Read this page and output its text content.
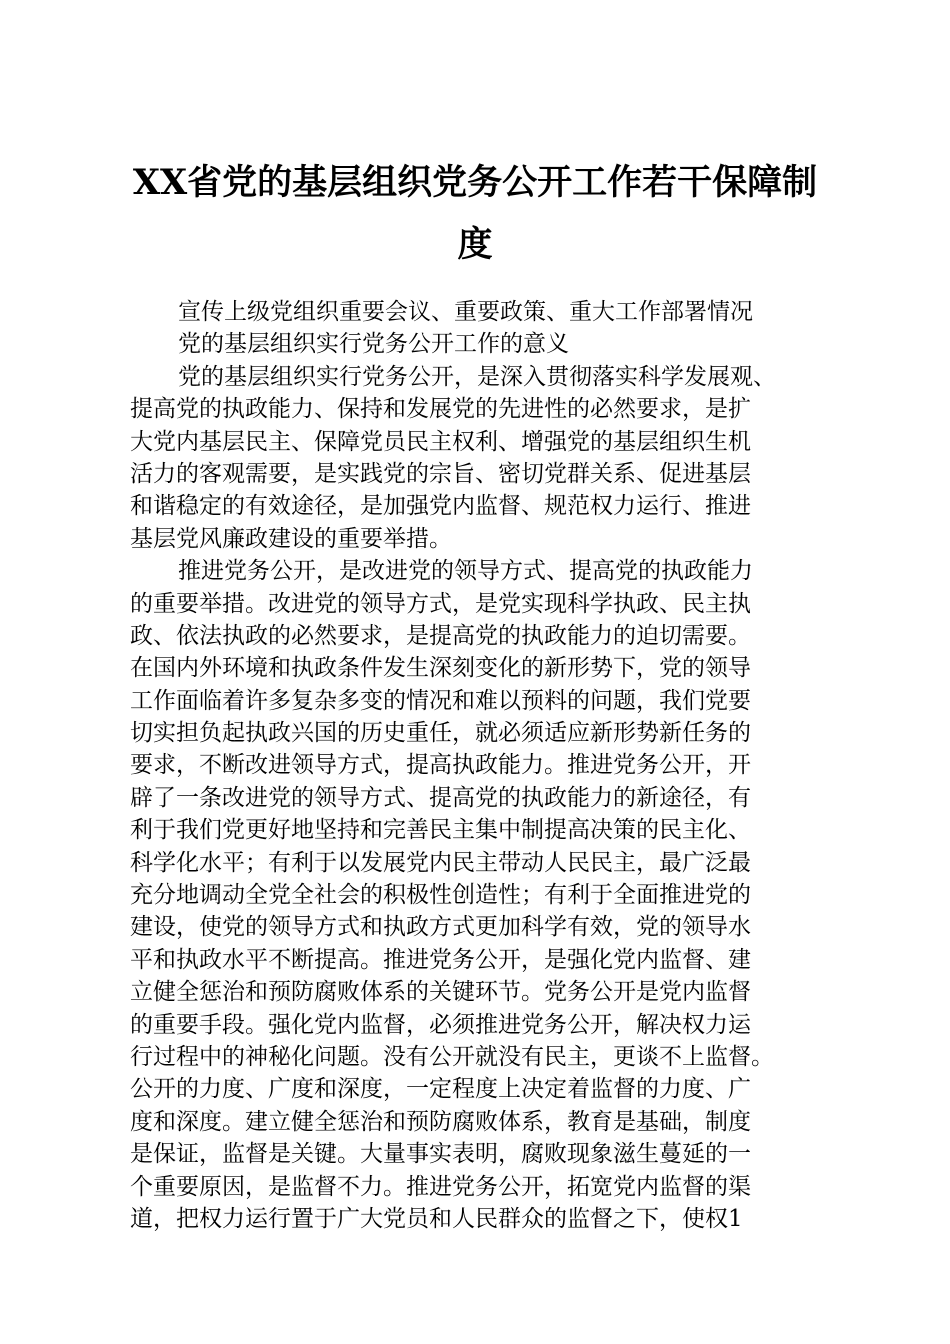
XX省党的基层组织党务公开工作若干保障制
度

宣传上级党组织重要会议、重要政策、重大工作部署情况

党的基层组织实行党务公开工作的意义

党的基层组织实行党务公开，是深入贯彻落实科学发展观、

提高党的执政能力、保持和发展党的先进性的必然要求，是扩

大党内基层民主、保障党员民主权利、增强党的基层组织生机

活力的客观需要，是实践党的宗旨、密切党群关系、促进基层

和谐稳定的有效途径，是加强党内监督、规范权力运行、推进

基层党风廉政建设的重要举措。

推进党务公开，是改进党的领导方式、提高党的执政能力

的重要举措。改进党的领导方式，是党实现科学执政、民主执

政、依法执政的必然要求，是提高党的执政能力的迫切需要。

在国内外环境和执政条件发生深刻变化的新形势下，党的领导

工作面临着许多复杂多变的情况和难以预料的问题，我们党要

切实担负起执政兴国的历史重任，就必须适应新形势新任务的

要求，不断改进领导方式，提高执政能力。推进党务公开，开

辟了一条改进党的领导方式、提高党的执政能力的新途径，有

利于我们党更好地坚持和完善民主集中制提高决策的民主化、

科学化水平；有利于以发展党内民主带动人民民主，最广泛最

充分地调动全党全社会的积极性创造性；有利于全面推进党的

建设，使党的领导方式和执政方式更加科学有效，党的领导水

平和执政水平不断提高。推进党务公开，是强化党内监督、建

立健全惩治和预防腐败体系的关键环节。党务公开是党内监督

的重要手段。强化党内监督，必须推进党务公开，解决权力运

行过程中的神秘化问题。没有公开就没有民主，更谈不上监督。

公开的力度、广度和深度，一定程度上决定着监督的力度、广

度和深度。建立健全惩治和预防腐败体系，教育是基础，制度

是保证，监督是关键。大量事实表明，腐败现象滋生蔓延的一

个重要原因，是监督不力。推进党务公开，拓宽党内监督的渠

道，把权力运行置于广大党员和人民群众的监督之下，使权1
